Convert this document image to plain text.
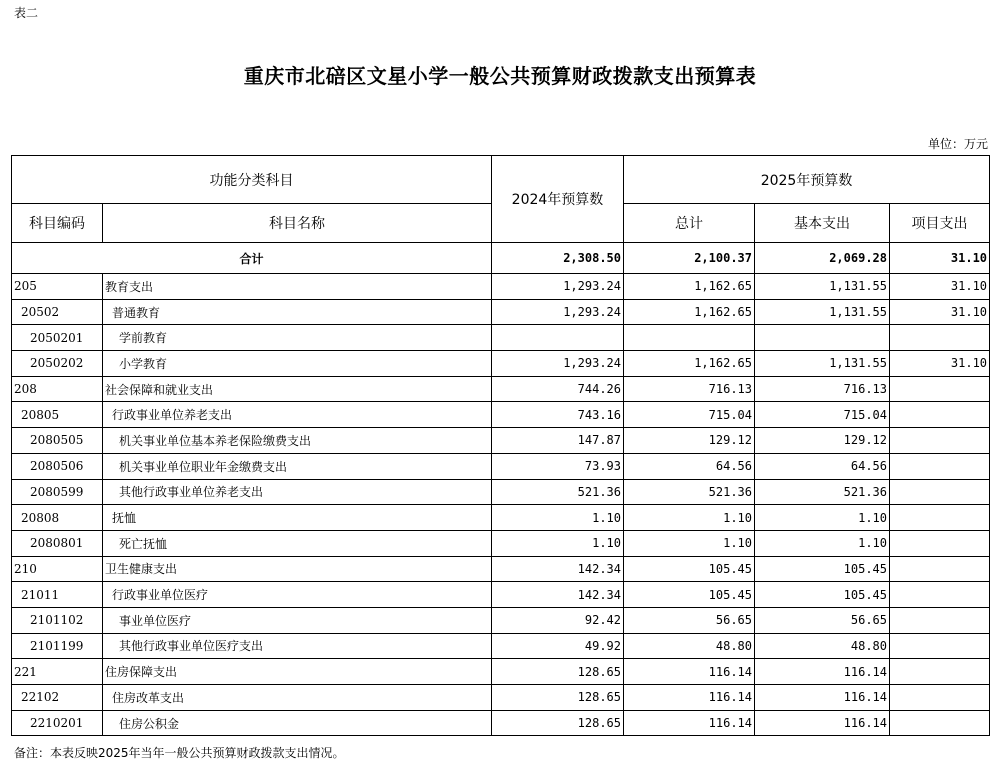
表二
重庆市北碚区文星小学一般公共预算财政拨款支出预算表
单位：万元
功能分类科目		2024年预算数	2025年预算数		
科目编码	科目名称		总计	基本支出	项目支出
合计		2,308.50	2,100.37	2,069.28	31.10
205	教育支出	1,293.24	1,162.65	1,131.55	31.10
20502	普通教育	1,293.24	1,162.65	1,131.55	31.10
2050201	学前教育				
2050202	小学教育	1,293.24	1,162.65	1,131.55	31.10
208	社会保障和就业支出	744.26	716.13	716.13	
20805	行政事业单位养老支出	743.16	715.04	715.04	
2080505	机关事业单位基本养老保险缴费支出	147.87	129.12	129.12	
2080506	机关事业单位职业年金缴费支出	73.93	64.56	64.56	
2080599	其他行政事业单位养老支出	521.36	521.36	521.36	
20808	抚恤	1.10	1.10	1.10	
2080801	死亡抚恤	1.10	1.10	1.10	
210	卫生健康支出	142.34	105.45	105.45	
21011	行政事业单位医疗	142.34	105.45	105.45	
2101102	事业单位医疗	92.42	56.65	56.65	
2101199	其他行政事业单位医疗支出	49.92	48.80	48.80	
221	住房保障支出	128.65	116.14	116.14	
22102	住房改革支出	128.65	116.14	116.14	
2210201	住房公积金	128.65	116.14	116.14	
备注：本表反映2025年当年一般公共预算财政拨款支出情况。
